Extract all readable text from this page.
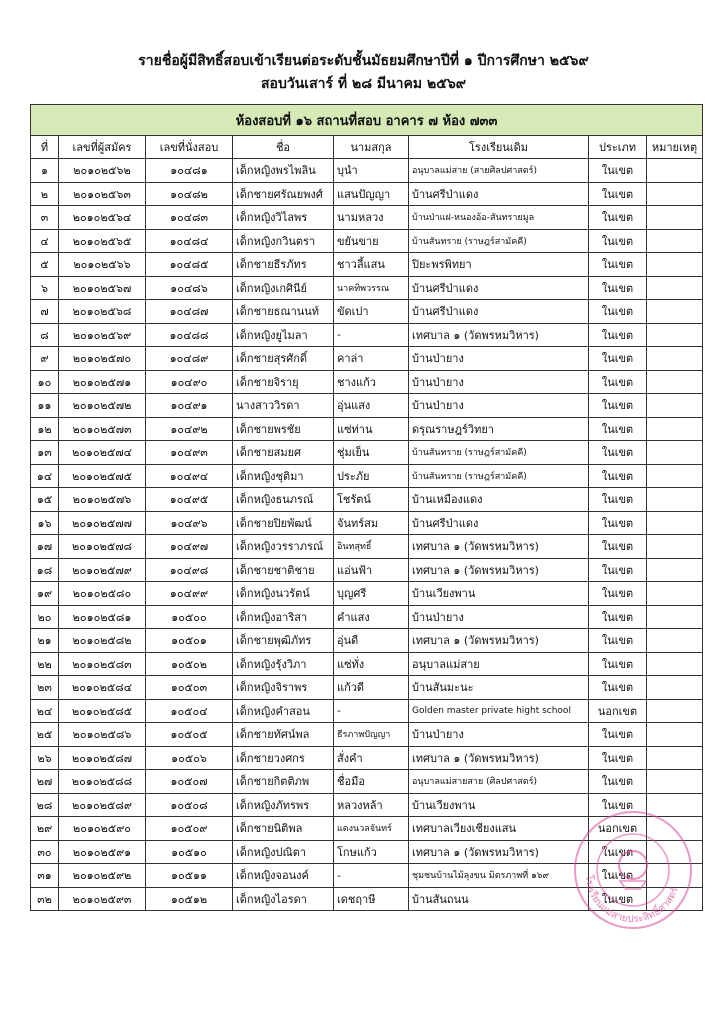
รายชื่อผู้มีสิทธิ์สอบเข้าเรียนต่อระดับชั้นมัธยมศึกษาปีที่ ๑ ปีการศึกษา ๒๕๖๙
สอบวันเสาร์ ที่ ๒๘ มีนาคม ๒๕๖๙
ห้องสอบที่ ๑๖ สถานที่สอบ อาคาร ๗ ห้อง ๗๓๓							
ที่	เลขที่ผู้สมัคร	เลขที่นั่งสอบ	ชื่อ	นามสกุล	โรงเรียนเดิม	ประเภท	หมายเหตุ
๑	๒๐๑๐๒๕๖๒	๑๐๔๘๑	เด็กหญิงพรไพลิน	บุนำ	อนุบาลแม่สาย (สายศิลปศาสตร์)	ในเขต	
๒	๒๐๑๐๒๕๖๓	๑๐๔๘๒	เด็กชายศรัณยพงศ์	แสนปัญญา	บ้านศรีป่าแดง	ในเขต	
๓	๒๐๑๐๒๕๖๔	๑๐๔๘๓	เด็กหญิงวิไลพร	นามหลวง	บ้านป่าแฝ-หนองอ้อ-สันทรายมูล	ในเขต	
๔	๒๐๑๐๒๕๖๕	๑๐๔๘๔	เด็กหญิงกวินตรา	ขยันขาย	บ้านสันทราย (ราษฎร์สามัคคี)	ในเขต	
๕	๒๐๑๐๒๕๖๖	๑๐๔๘๕	เด็กชายธีรภัทร	ชาวลี้แสน	ปิยะพรพิทยา	ในเขต	
๖	๒๐๑๐๒๕๖๗	๑๐๔๘๖	เด็กหญิงเกศินีย์	นาคทิพวรรณ	บ้านศรีป่าแดง	ในเขต	
๗	๒๐๑๐๒๕๖๘	๑๐๔๘๗	เด็กชายธณานนท์	ขัดเปา	บ้านศรีป่าแดง	ในเขต	
๘	๒๐๑๐๒๕๖๙	๑๐๔๘๘	เด็กหญิงยูไมลา	-	เทศบาล ๑ (วัดพรหมวิหาร)	ในเขต	
๙	๒๐๑๐๒๕๗๐	๑๐๔๘๙	เด็กชายสุรศักดิ์	คาล่า	บ้านป่ายาง	ในเขต	
๑๐	๒๐๑๐๒๕๗๑	๑๐๔๙๐	เด็กชายจิรายุ	ชางแก้ว	บ้านป่ายาง	ในเขต	
๑๑	๒๐๑๐๒๕๗๒	๑๐๔๙๑	นางสาววิรดา	อุ่นแสง	บ้านป่ายาง	ในเขต	
๑๒	๒๐๑๐๒๕๗๓	๑๐๔๙๒	เด็กชายพรชัย	แซ่ท่าน	ดรุณราษฎร์วิทยา	ในเขต	
๑๓	๒๐๑๐๒๕๗๔	๑๐๔๙๓	เด็กชายสมยศ	ชุ่มเย็น	บ้านสันทราย (ราษฎร์สามัคคี)	ในเขต	
๑๔	๒๐๑๐๒๕๗๕	๑๐๔๙๔	เด็กหญิงชุติมา	ประภัย	บ้านสันทราย (ราษฎร์สามัคคี)	ในเขต	
๑๕	๒๐๑๐๒๕๗๖	๑๐๔๙๕	เด็กหญิงธนภรณ์	โชรัตน์	บ้านเหมืองแดง	ในเขต	
๑๖	๒๐๑๐๒๕๗๗	๑๐๔๙๖	เด็กชายปิยพัฒน์	จันทร์สม	บ้านศรีป่าแดง	ในเขต	
๑๗	๒๐๑๐๒๕๗๘	๑๐๔๙๗	เด็กหญิงวรราภรณ์	อินทสุทธิ์	เทศบาล ๑ (วัดพรหมวิหาร)	ในเขต	
๑๘	๒๐๑๐๒๕๗๙	๑๐๔๙๘	เด็กชายชาติชาย	แอ่นฟ้า	เทศบาล ๑ (วัดพรหมวิหาร)	ในเขต	
๑๙	๒๐๑๐๒๕๘๐	๑๐๔๙๙	เด็กหญิงนวรัตน์	บุญศรี	บ้านเวียงพาน	ในเขต	
๒๐	๒๐๑๐๒๕๘๑	๑๐๕๐๐	เด็กหญิงอาริสา	คำแสง	บ้านป่ายาง	ในเขต	
๒๑	๒๐๑๐๒๕๘๒	๑๐๕๐๑	เด็กชายพุฒิภัทร	อุ่นดี	เทศบาล ๑ (วัดพรหมวิหาร)	ในเขต	
๒๒	๒๐๑๐๒๕๘๓	๑๐๕๐๒	เด็กหญิงรุ้งวิภา	แซ่ทั่ง	อนุบาลแม่สาย	ในเขต	
๒๓	๒๐๑๐๒๕๘๔	๑๐๕๐๓	เด็กหญิงจิราพร	แก้วดี	บ้านสันมะนะ	ในเขต	
๒๔	๒๐๑๐๒๕๘๕	๑๐๕๐๔	เด็กหญิงคำสอน	-	Golden master private hight school	นอกเขต	
๒๕	๒๐๑๐๒๕๘๖	๑๐๕๐๕	เด็กชายทัศน์พล	ธีรภาพปัญญา	บ้านป่ายาง	ในเขต	
๒๖	๒๐๑๐๒๕๘๗	๑๐๕๐๖	เด็กชายวงศกร	สั่งคำ	เทศบาล ๑ (วัดพรหมวิหาร)	ในเขต	
๒๗	๒๐๑๐๒๕๘๘	๑๐๕๐๗	เด็กชายกิตติภพ	ชื่อมือ	อนุบาลแม่สายสาย (ศิลปศาสตร์)	ในเขต	
๒๘	๒๐๑๐๒๕๘๙	๑๐๕๐๘	เด็กหญิงภัทรพร	หลวงหล้า	บ้านเวียงพาน	ในเขต	
๒๙	๒๐๑๐๒๕๙๐	๑๐๕๐๙	เด็กชายนิติพล	แดงนวลจันทร์	เทศบาลเวียงเชียงแสน	นอกเขต	
๓๐	๒๐๑๐๒๕๙๑	๑๐๕๑๐	เด็กหญิงปณิตา	โกษแก้ว	เทศบาล ๑ (วัดพรหมวิหาร)	ในเขต	
๓๑	๒๐๑๐๒๕๙๒	๑๐๕๑๑	เด็กหญิงจอนงค์	-	ชุมชนบ้านไม้ลุงขน มิตรภาพที่ ๑๖๙	ในเขต	
๓๒	๒๐๑๐๒๕๙๓	๑๐๕๑๒	เด็กหญิงไอรดา	เดชฤาษี	บ้านสันถนน	ในเขต	
โรงเรียนแม่สายประสิทธิ์ศาสตร์
